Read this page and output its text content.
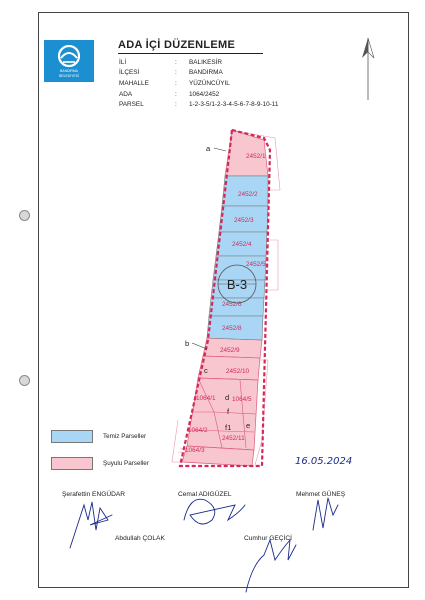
BANDIRMA
BELEDİYESİ
ADA İÇİ DÜZENLEME
İLİ	: BALIKESİR
İLÇESİ	: BANDIRMA
MAHALLE	: YÜZÜNCÜYIL
ADA	: 1064/2452
PARSEL	: 1-2-3-5/1-2-3-4-5-6-7-8-9-10-11
2452/1
2452/2
2452/3
2452/4
2452/5
2452/6
2452/8
2452/9
2452/10
1064/1	1064/5
1064/2
1064/3
2452/11
B-3
a
b
c
d
f
f1 e
Temiz Parseller
Şuyulu Parseller	16.05.2024
Şerafettin ENGÜDAR	Cemal ADIGÜZEL	Mehmet GÜNEŞ
Abdullah ÇOLAK	Cumhur GEÇİCİ
